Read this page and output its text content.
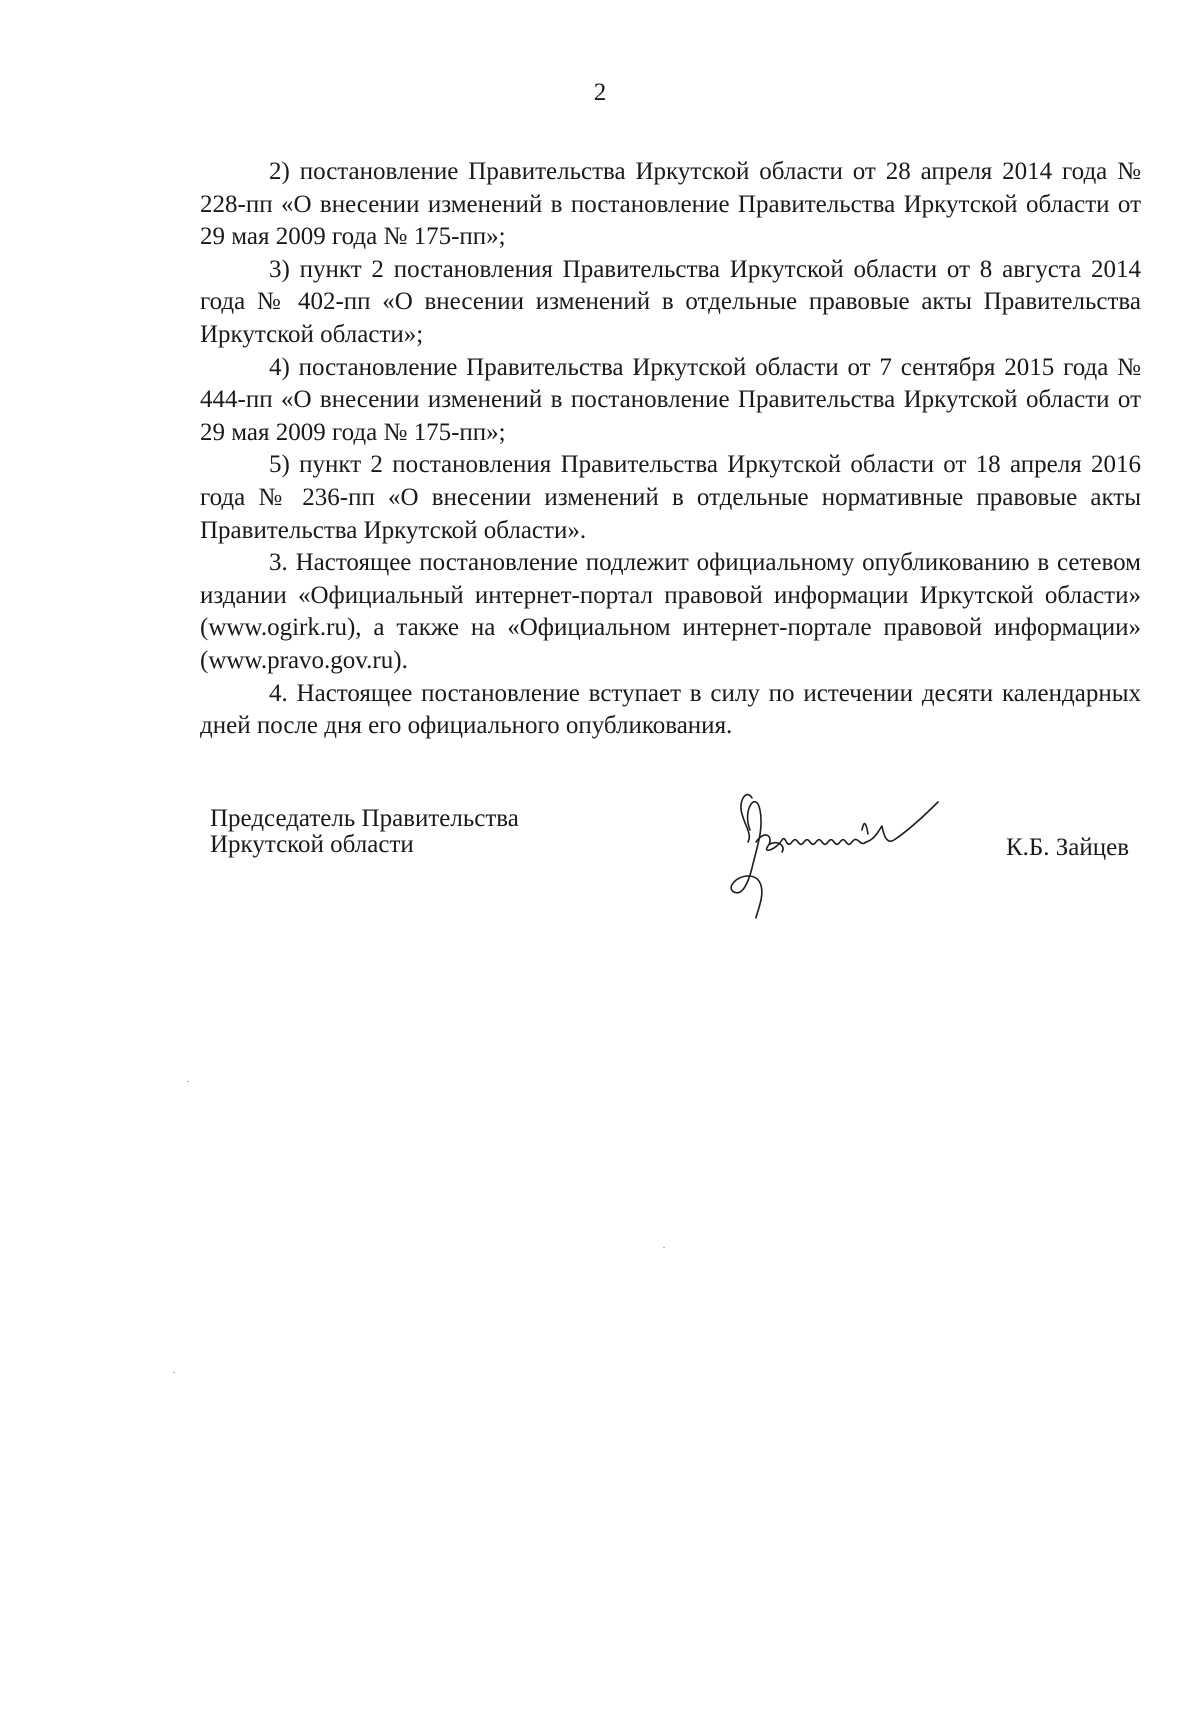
2

2) постановление Правительства Иркутской области от 28 апреля 2014 года № 228-пп «О внесении изменений в постановление Правительства Иркутской области от 29 мая 2009 года № 175-пп»;

3) пункт 2 постановления Правительства Иркутской области от 8 августа 2014 года № 402-пп «О внесении изменений в отдельные правовые акты Правительства Иркутской области»;

4) постановление Правительства Иркутской области от 7 сентября 2015 года № 444-пп «О внесении изменений в постановление Правительства Иркутской области от 29 мая 2009 года № 175-пп»;

5) пункт 2 постановления Правительства Иркутской области от 18 апреля 2016 года № 236-пп «О внесении изменений в отдельные нормативные правовые акты Правительства Иркутской области».

3. Настоящее постановление подлежит официальному опубликованию в сетевом издании «Официальный интернет-портал правовой информации Иркутской области» (www.ogirk.ru), а также на «Официальном интернет-портале правовой информации» (www.pravo.gov.ru).

4. Настоящее постановление вступает в силу по истечении десяти календарных дней после дня его официального опубликования.

Председатель Правительства
Иркутской области	К.Б. Зайцев
